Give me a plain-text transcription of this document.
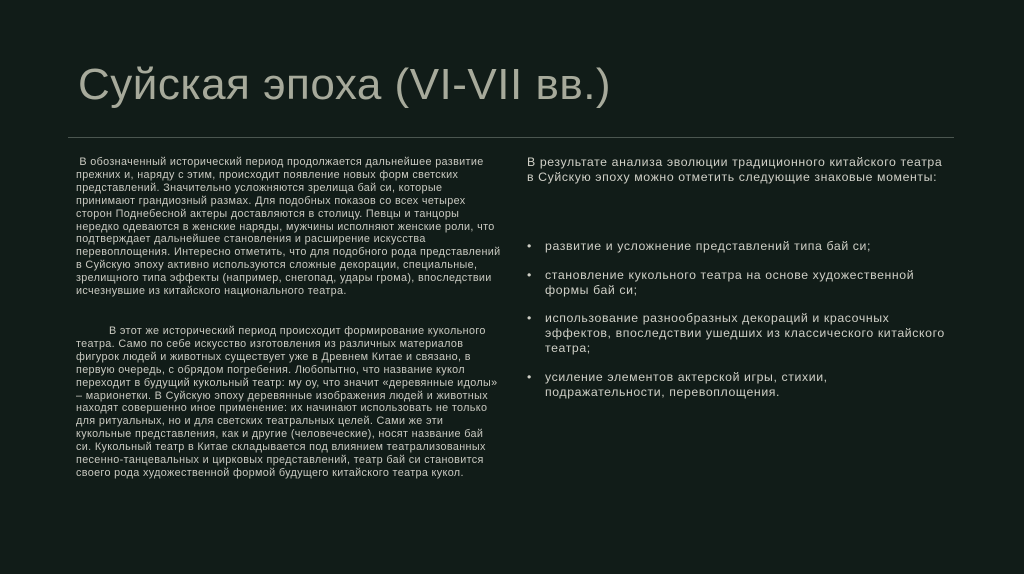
Суйская эпоха (VI-VII вв.)

В обозначенный исторический период продолжается дальнейшее развитие прежних и, наряду с этим, происходит появление новых форм светских представлений. Значительно усложняются зрелища бай си, которые принимают грандиозный размах. Для подобных показов со всех четырех сторон Поднебесной актеры доставляются в столицу. Певцы и танцоры нередко одеваются в женские наряды, мужчины исполняют женские роли, что подтверждает дальнейшее становления и расширение искусства перевоплощения. Интересно отметить, что для подобного рода представлений в Суйскую эпоху активно используются сложные декорации, специальные, зрелищного типа эффекты (например, снегопад, удары грома), впоследствии исчезнувшие из китайского национального театра.

В этот же исторический период происходит формирование кукольного театра. Само по себе искусство изготовления из различных материалов фигурок людей и животных существует уже в Древнем Китае и связано, в первую очередь, с обрядом погребения. Любопытно, что название кукол переходит в будущий кукольный театр: му оу, что значит «деревянные идолы» – марионетки. В Суйскую эпоху деревянные изображения людей и животных находят совершенно иное применение: их начинают использовать не только для ритуальных, но и для светских театральных целей. Сами же эти кукольные представления, как и другие (человеческие), носят название бай си. Кукольный театр в Китае складывается под влиянием театрализованных песенно-танцевальных и цирковых представлений, театр бай си становится своего рода художественной формой будущего китайского театра кукол.

В результате анализа эволюции традиционного китайского театра в Суйскую эпоху можно отметить следующие знаковые моменты:

• развитие и усложнение представлений типа бай си;
• становление кукольного театра на основе художественной формы бай си;
• использование разнообразных декораций и красочных эффектов, впоследствии ушедших из классического китайского театра;
• усиление элементов актерской игры, стихии, подражательности, перевоплощения.
